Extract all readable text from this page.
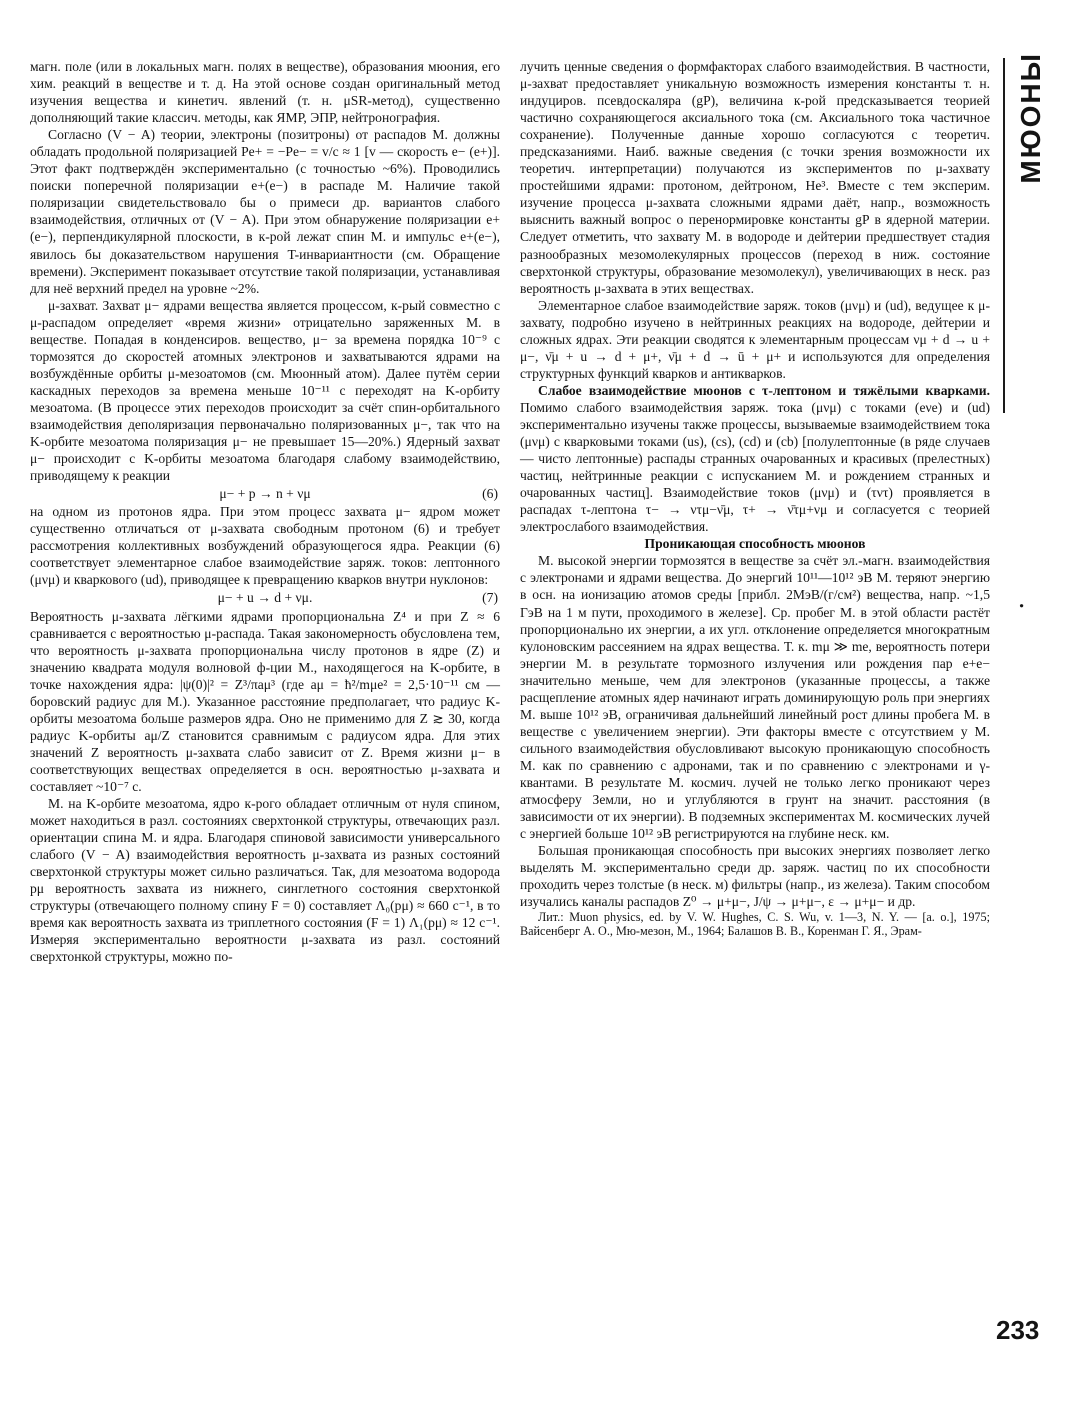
магн. поле (или в локальных магн. полях в веществе), образования мюония, его хим. реакций в веществе и т. д. На этой основе создан оригинальный метод изучения вещества и кинетич. явлений (т. н. μSR-метод), существенно дополняющий такие классич. методы, как ЯМР, ЭПР, нейтронография.

Согласно (V − A) теории, электроны (позитроны) от распадов М. должны обладать продольной поляризацией Pe+ = −Pe− = v/c ≈ 1 [v — скорость e− (e+)]. Этот факт подтверждён экспериментально (с точностью ~6%). Проводились поиски поперечной поляризации e+(e−) в распаде М. Наличие такой поляризации свидетельствовало бы о примеси др. вариантов слабого взаимодействия, отличных от (V − A). При этом обнаружение поляризации e+(e−), перпендикулярной плоскости, в к-рой лежат спин М. и импульс e+(e−), явилось бы доказательством нарушения T-инвариантности (см. Обращение времени). Эксперимент показывает отсутствие такой поляризации, устанавливая для неё верхний предел на уровне ~2%.

μ-захват. Захват μ− ядрами вещества является процессом, к-рый совместно с μ-распадом определяет «время жизни» отрицательно заряженных М. в веществе. Попадая в конденсиров. вещество, μ− за времена порядка 10⁻⁹ с тормозятся до скоростей атомных электронов и захватываются ядрами на возбуждённые орбиты μ-мезоатомов (см. Мюонный атом). Далее путём серии каскадных переходов за времена меньше 10⁻¹¹ с переходят на K-орбиту мезоатома. (В процессе этих переходов происходит за счёт спин-орбитального взаимодействия деполяризация первоначально поляризованных μ−, так что на K-орбите мезоатома поляризация μ− не превышает 15—20%.) Ядерный захват μ− происходит с K-орбиты мезоатома благодаря слабому взаимодействию, приводящему к реакции

μ− + p → n + νμ	(6)

на одном из протонов ядра. При этом процесс захвата μ− ядром может существенно отличаться от μ-захвата свободным протоном (6) и требует рассмотрения коллективных возбуждений образующегося ядра. Реакции (6) соответствует элементарное слабое взаимодействие заряж. токов: лептонного (μνμ) и кваркового (ud), приводящее к превращению кварков внутри нуклонов:

μ− + u → d + νμ.	(7)

Вероятность μ-захвата лёгкими ядрами пропорциональна Z⁴ и при Z ≈ 6 сравнивается с вероятностью μ-распада. Такая закономерность обусловлена тем, что вероятность μ-захвата пропорциональна числу протонов в ядре (Z) и значению квадрата модуля волновой ф-ции М., находящегося на K-орбите, в точке нахождения ядра: |ψ(0)|² = Z³/πaμ³ (где aμ = ħ²/mμe² = 2,5·10⁻¹¹ см — боровский радиус для М.). Указанное расстояние предполагает, что радиус K-орбиты мезоатома больше размеров ядра. Оно не применимо для Z ≳ 30, когда радиус K-орбиты aμ/Z становится сравнимым с радиусом ядра. Для этих значений Z вероятность μ-захвата слабо зависит от Z. Время жизни μ− в соответствующих веществах определяется в осн. вероятностью μ-захвата и составляет ~10⁻⁷ с.

М. на K-орбите мезоатома, ядро к-рого обладает отличным от нуля спином, может находиться в разл. состояниях сверхтонкой структуры, отвечающих разл. ориентации спина М. и ядра. Благодаря спиновой зависимости универсального слабого (V − A) взаимодействия вероятность μ-захвата из разных состояний сверхтонкой структуры может сильно различаться. Так, для мезоатома водорода pμ вероятность захвата из нижнего, синглетного состояния сверхтонкой структуры (отвечающего полному спину F = 0) составляет Λ₀(pμ) ≈ 660 с⁻¹, в то время как вероятность захвата из триплетного состояния (F = 1) Λ₁(pμ) ≈ 12 с⁻¹. Измеряя экспериментально вероятности μ-захвата из разл. состояний сверхтонкой структуры, можно по-

лучить ценные сведения о формфакторах слабого взаимодействия. В частности, μ-захват предоставляет уникальную возможность измерения константы т. н. индуциров. псевдоскаляра (gP), величина к-рой предсказывается теорией частично сохраняющегося аксиального тока (см. Аксиального тока частичное сохранение). Полученные данные хорошо согласуются с теоретич. предсказаниями. Наиб. важные сведения (с точки зрения возможности их теоретич. интерпретации) получаются из экспериментов по μ-захвату простейшими ядрами: протоном, дейтроном, He³. Вместе с тем эксперим. изучение процесса μ-захвата сложными ядрами даёт, напр., возможность выяснить важный вопрос о перенормировке константы gP в ядерной материи. Следует отметить, что захвату М. в водороде и дейтерии предшествует стадия разнообразных мезомолекулярных процессов (переход в ниж. состояние сверхтонкой структуры, образование мезомолекул), увеличивающих в неск. раз вероятность μ-захвата в этих веществах.

Элементарное слабое взаимодействие заряж. токов (μνμ) и (ud), ведущее к μ-захвату, подробно изучено в нейтринных реакциях на водороде, дейтерии и сложных ядрах. Эти реакции сводятся к элементарным процессам νμ + d → u + μ−, ν̄μ + u → d + μ+, ν̄μ + d → ū + μ+ и используются для определения структурных функций кварков и антикварков.

Слабое взаимодействие мюонов с τ-лептоном и тяжёлыми кварками. Помимо слабого взаимодействия заряж. тока (μνμ) с токами (eνe) и (ud) экспериментально изучены также процессы, вызываемые взаимодействием тока (μνμ) с кварковыми токами (us), (cs), (cd) и (cb) [полулептонные (в ряде случаев — чисто лептонные) распады странных очарованных и красивых (прелестных) частиц, нейтринные реакции с испусканием М. и рождением странных и очарованных частиц]. Взаимодействие токов (μνμ) и (τντ) проявляется в распадах τ-лептона τ− → ντμ−ν̄μ, τ+ → ν̄τμ+νμ и согласуется с теорией электрослабого взаимодействия.

Проникающая способность мюонов

М. высокой энергии тормозятся в веществе за счёт эл.-магн. взаимодействия с электронами и ядрами вещества. До энергий 10¹¹—10¹² эВ М. теряют энергию в осн. на ионизацию атомов среды [прибл. 2МэВ/(г/см²) вещества, напр. ~1,5 ГэВ на 1 м пути, проходимого в железе]. Ср. пробег М. в этой области растёт пропорционально их энергии, а их угл. отклонение определяется многократным кулоновским рассеянием на ядрах вещества. Т. к. mμ ≫ me, вероятность потери энергии М. в результате тормозного излучения или рождения пар e+e− значительно меньше, чем для электронов (указанные процессы, а также расщепление атомных ядер начинают играть доминирующую роль при энергиях М. выше 10¹² эВ, ограничивая дальнейший линейный рост длины пробега М. в веществе с увеличением энергии). Эти факторы вместе с отсутствием у М. сильного взаимодействия обусловливают высокую проникающую способность М. как по сравнению с адронами, так и по сравнению с электронами и γ-квантами. В результате М. космич. лучей не только легко проникают через атмосферу Земли, но и углубляются в грунт на значит. расстояния (в зависимости от их энергии). В подземных экспериментах М. космических лучей с энергией больше 10¹² эВ регистрируются на глубине неск. км.

Большая проникающая способность при высоких энергиях позволяет легко выделять М. экспериментально среди др. заряж. частиц по их способности проходить через толстые (в неск. м) фильтры (напр., из железа). Таким способом изучались каналы распадов Z⁰ → μ+μ−, J/ψ → μ+μ−, ε → μ+μ− и др.

Лит.: Muon physics, ed. by V. W. Hughes, C. S. Wu, v. 1—3, N. Y. — [a. o.], 1975; Вайсенберг А. О., Мю-мезон, М., 1964; Балашов В. В., Коренман Г. Я., Эрам-

МЮОНЫ
⋅
233
